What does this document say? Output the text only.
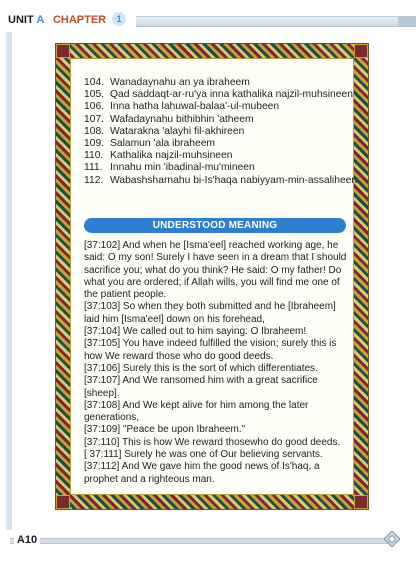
UNIT A CHAPTER 1
104. Wanadaynahu an ya ibraheem
105. Qad saddaqt-ar-ru'ya inna kathalika najzil-muhsineen
106. Inna hatha lahuwal-balaa'-ul-mubeen
107. Wafadaynahu bithibhin 'atheem
108. Watarakna 'alayhi fil-akhireen
109. Salamun 'ala ibraheem
110. Kathalika najzil-muhsineen
111. Innahu min 'ibadinal-mu'mineen
112. Wabashsharnahu bi-Is'haqa nabiyyam-min-assaliheen
UNDERSTOOD MEANING
[37:102] And when he [Isma'eel] reached working age, he said: O my son! Surely I have seen in a dream that I should sacrifice you; what do you think? He said: O my father! Do what you are ordered; if Allah wills, you will find me one of the patient people.
[37:103] So when they both submitted and he [Ibraheem] laid him [Isma'eel] down on his forehead,
[37:104] We called out to him saying: O Ibraheem!
[37:105] You have indeed fulfilled the vision; surely this is how We reward those who do good deeds.
[37:106] Surely this is the sort of which differentiates.
[37:107] And We ransomed him with a great sacrifice [sheep].
[37:108] And We kept alive for him among the later generations,
[37:109] "Peace be upon Ibraheem."
[37:110] This is how We reward thosewho do good deeds.
[ 37:111] Surely he was one of Our believing servants.
[37:112] And We gave him the good news of Is'haq, a prophet and a righteous man.
A10
